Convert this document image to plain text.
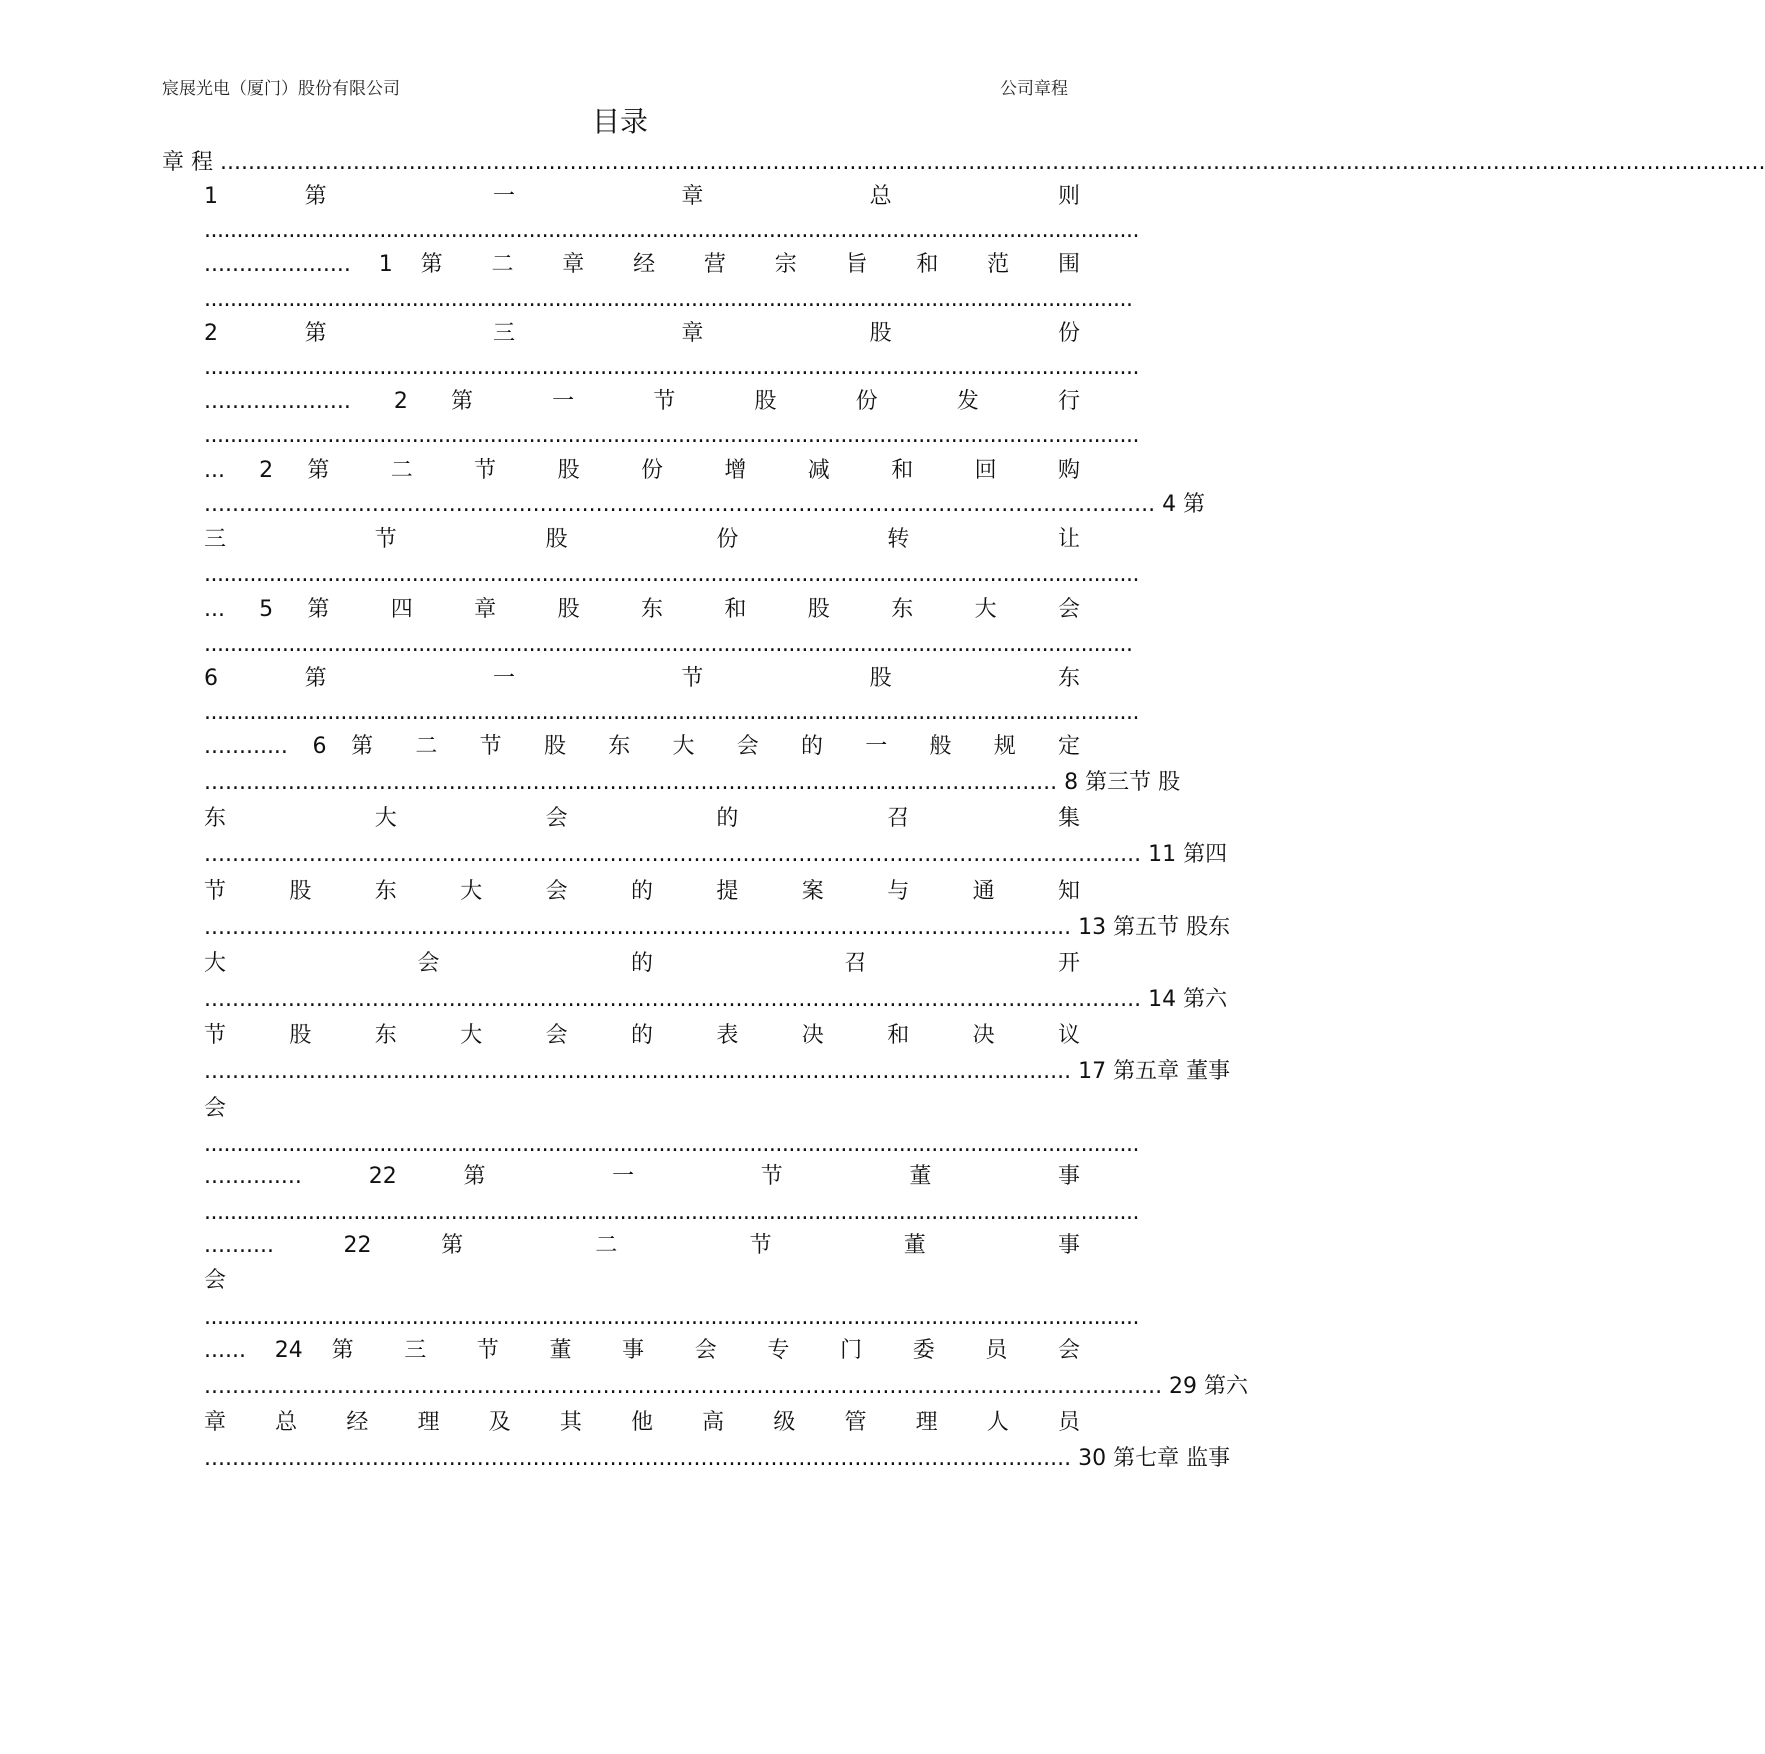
宸展光电（厦门）股份有限公司	公司章程
目录
章 程 .............................................................................................................................................................................................................................
1 第 一 章 总 则
................................................................................................................................................
..................... 1 第 二 章 经 营 宗 旨 和 范 围
...............................................................................................................................................
2 第 三 章 股 份
................................................................................................................................................
..................... 2 第 一 节 股 份 发 行
................................................................................................................................................
... 2 第 二 节 股 份 增 减 和 回 购
........................................................................................................................................ 4 第
三 节 股 份 转 让
................................................................................................................................................
... 5 第 四 章 股 东 和 股 东 大 会
...............................................................................................................................................
6 第 一 节 股 东
................................................................................................................................................
............ 6 第 二 节 股 东 大 会 的 一 般 规 定
.......................................................................................................................... 8 第三节 股
东 大 会 的 召 集
...................................................................................................................................... 11 第四
节 股 东 大 会 的 提 案 与 通 知
............................................................................................................................ 13 第五节 股东
大 会 的 召 开
...................................................................................................................................... 14 第六
节 股 东 大 会 的 表 决 和 决 议
............................................................................................................................ 17 第五章 董事
会
................................................................................................................................................
.............. 22 第 一 节 董 事
................................................................................................................................................
.......... 22 第 二 节 董 事
会
................................................................................................................................................
...... 24 第 三 节 董 事 会 专 门 委 员 会
......................................................................................................................................... 29 第六
章 总 经 理 及 其 他 高 级 管 理 人 员
............................................................................................................................ 30 第七章 监事
